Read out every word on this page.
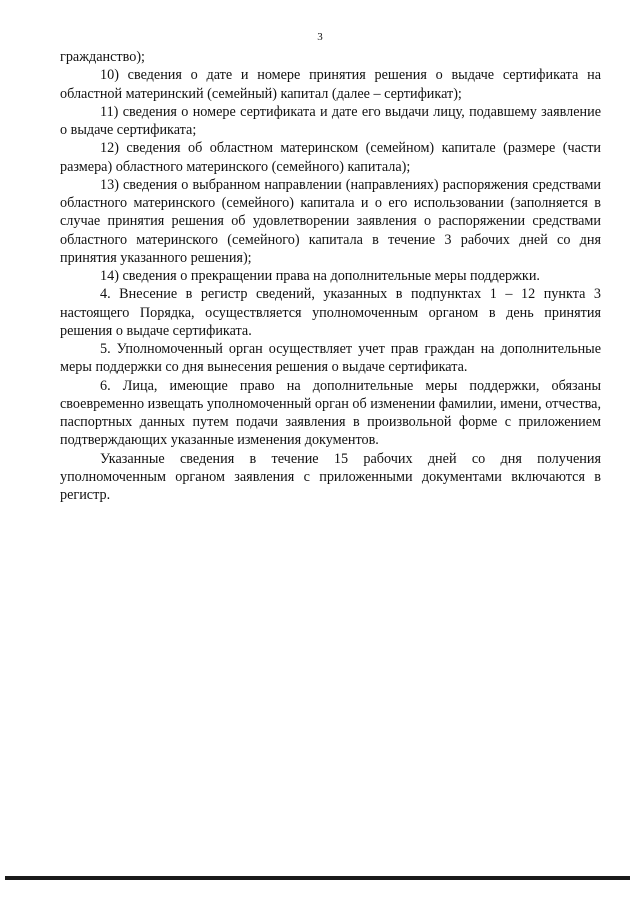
3

гражданство);

10) сведения о дате и номере принятия решения о выдаче сертификата на областной материнский (семейный) капитал (далее – сертификат);

11) сведения о номере сертификата и дате его выдачи лицу, подавшему заявление о выдаче сертификата;

12) сведения об областном материнском (семейном) капитале (размере (части размера) областного материнского (семейного) капитала);

13) сведения о выбранном направлении (направлениях) распоряжения средствами областного материнского (семейного) капитала и о его использовании (заполняется в случае принятия решения об удовлетворении заявления о распоряжении средствами областного материнского (семейного) капитала в течение 3 рабочих дней со дня принятия указанного решения);

14) сведения о прекращении права на дополнительные меры поддержки.

4. Внесение в регистр сведений, указанных в подпунктах 1 – 12 пункта 3 настоящего Порядка, осуществляется уполномоченным органом в день принятия решения о выдаче сертификата.

5. Уполномоченный орган осуществляет учет прав граждан на дополнительные меры поддержки со дня вынесения решения о выдаче сертификата.

6. Лица, имеющие право на дополнительные меры поддержки, обязаны своевременно извещать уполномоченный орган об изменении фамилии, имени, отчества, паспортных данных путем подачи заявления в произвольной форме с приложением подтверждающих указанные изменения документов.

Указанные сведения в течение 15 рабочих дней со дня получения уполномоченным органом заявления с приложенными документами включаются в регистр.
